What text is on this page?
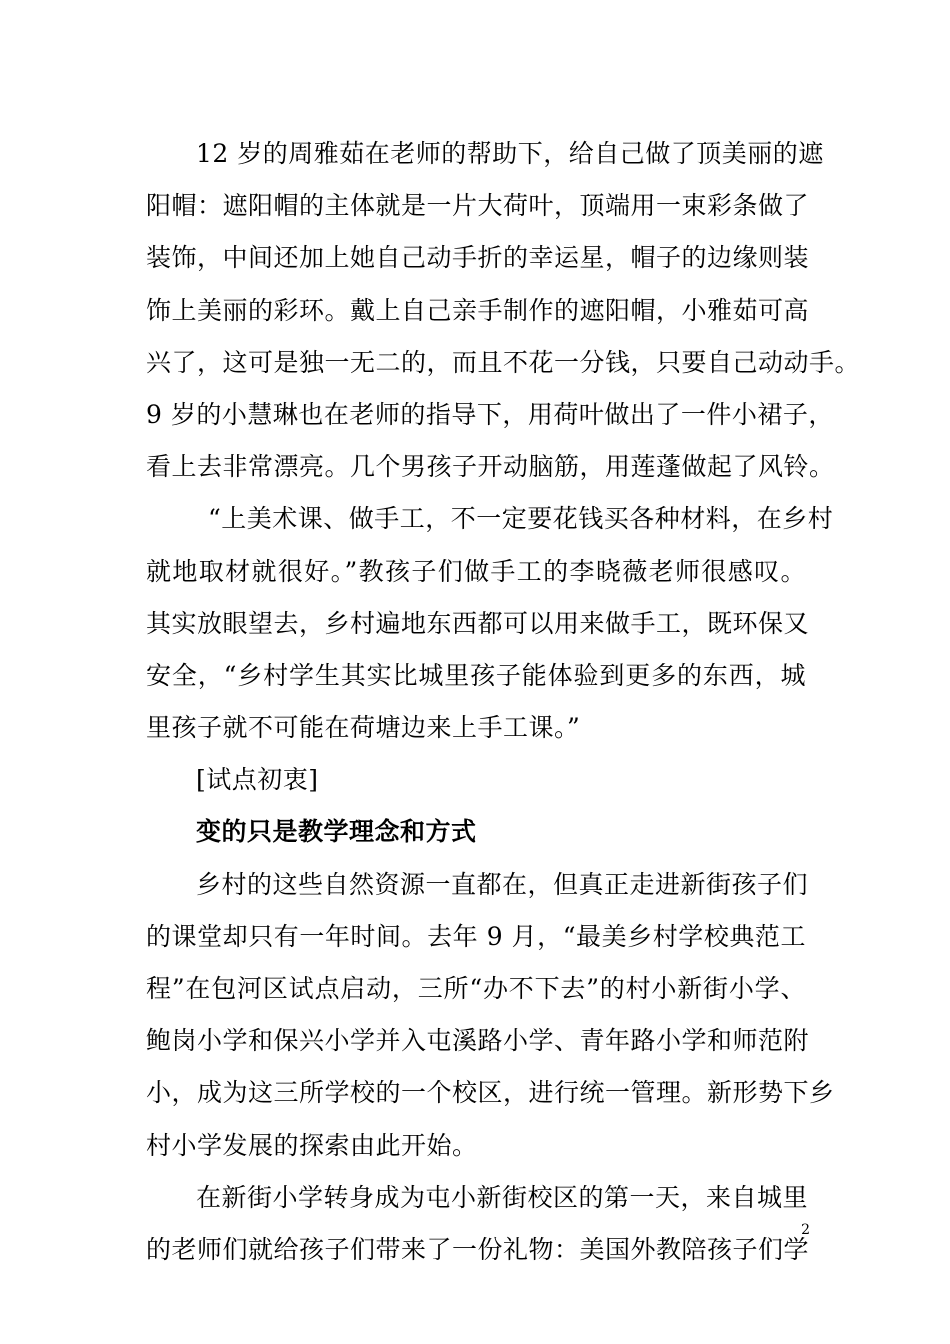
12 岁的周雅茹在老师的帮助下，给自己做了顶美丽的遮
阳帽：遮阳帽的主体就是一片大荷叶，顶端用一束彩条做了
装饰，中间还加上她自己动手折的幸运星，帽子的边缘则装
饰上美丽的彩环。戴上自己亲手制作的遮阳帽，小雅茹可高
兴了，这可是独一无二的，而且不花一分钱，只要自己动动手。
9 岁的小慧琳也在老师的指导下，用荷叶做出了一件小裙子，
看上去非常漂亮。几个男孩子开动脑筋，用莲蓬做起了风铃。
“上美术课、做手工，不一定要花钱买各种材料，在乡村
就地取材就很好。”教孩子们做手工的李晓薇老师很感叹。
其实放眼望去，乡村遍地东西都可以用来做手工，既环保又
安全，“乡村学生其实比城里孩子能体验到更多的东西，城
里孩子就不可能在荷塘边来上手工课。”
[试点初衷]
变的只是教学理念和方式
乡村的这些自然资源一直都在，但真正走进新街孩子们
的课堂却只有一年时间。去年 9 月，“最美乡村学校典范工
程”在包河区试点启动，三所“办不下去”的村小新街小学、
鲍岗小学和保兴小学并入屯溪路小学、青年路小学和师范附
小，成为这三所学校的一个校区，进行统一管理。新形势下乡
村小学发展的探索由此开始。
在新街小学转身成为屯小新街校区的第一天，来自城里
的老师们就给孩子们带来了一份礼物：美国外教陪孩子们学
2
